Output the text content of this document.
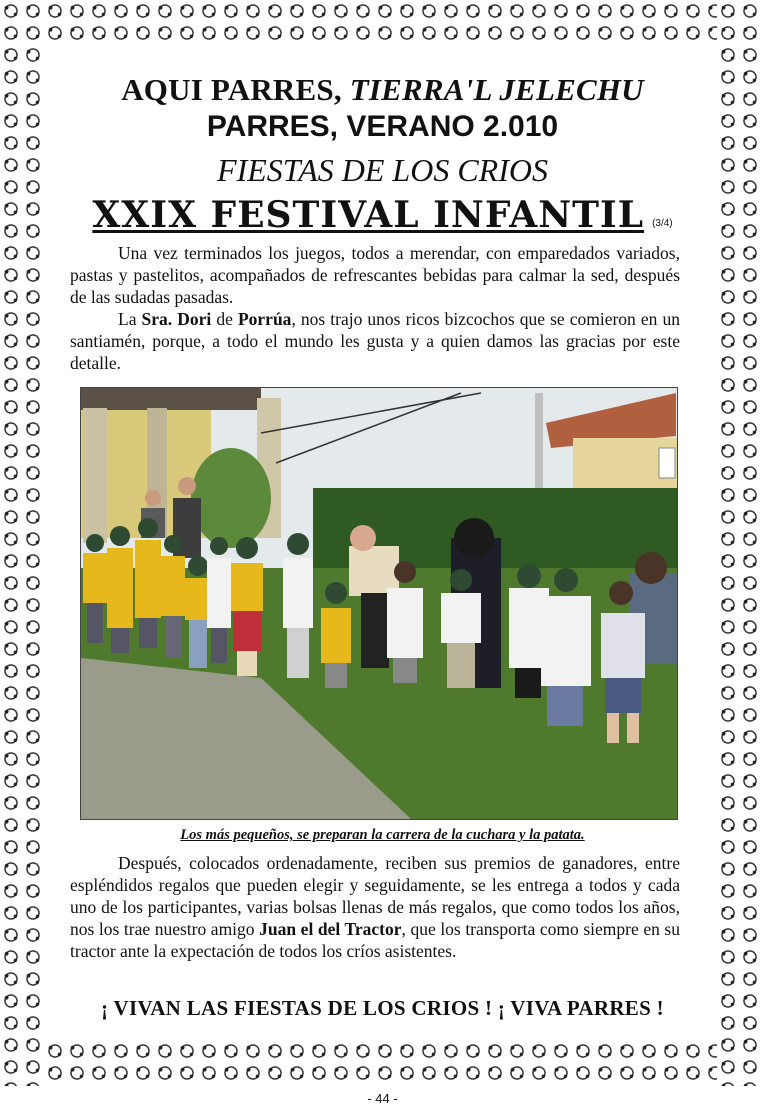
AQUI PARRES, TIERRA'L JELECHU
PARRES, VERANO 2.010
FIESTAS DE LOS CRIOS
XXIX FESTIVAL INFANTIL (3/4)
Una vez terminados los juegos, todos a merendar, con emparedados variados, pastas y pastelitos, acompañados de refrescantes bebidas para calmar la sed, después de las sudadas pasadas.
La Sra. Dori de Porrúa, nos trajo unos ricos bizcochos que se comieron en un santiamén, porque, a todo el mundo les gusta y a quien damos las gracias por este detalle.
Los más pequeños, se preparan la carrera de la cuchara y la patata.
Después, colocados ordenadamente, reciben sus premios de ganadores, entre espléndidos regalos que pueden elegir y seguidamente, se les entrega a todos y cada uno de los participantes, varias bolsas llenas de más regalos, que como todos los años, nos los trae nuestro amigo Juan el del Tractor, que los transporta como siempre en su tractor ante la expectación de todos los críos asistentes.
¡ VIVAN LAS FIESTAS DE LOS CRIOS ! ¡ VIVA PARRES !
- 44 -
